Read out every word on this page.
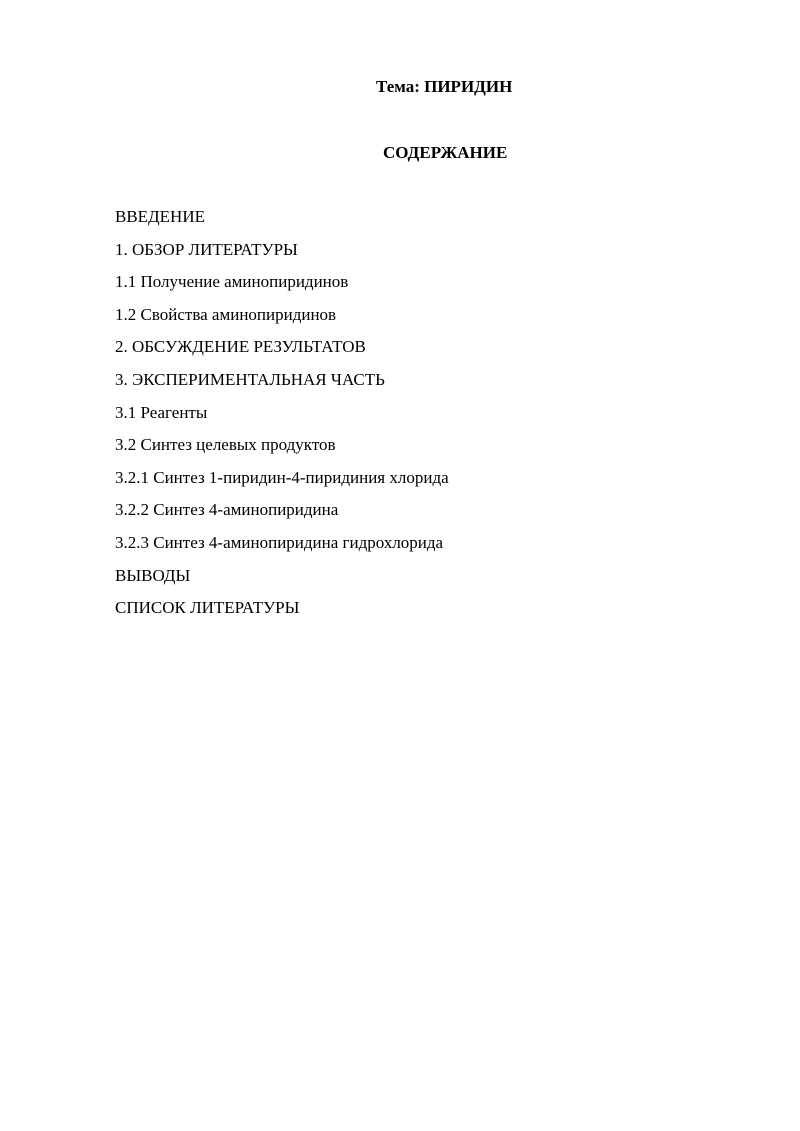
Тема: ПИРИДИН
СОДЕРЖАНИЕ
ВВЕДЕНИЕ
1. ОБЗОР ЛИТЕРАТУРЫ
1.1 Получение аминопиридинов
1.2 Свойства аминопиридинов
2. ОБСУЖДЕНИЕ РЕЗУЛЬТАТОВ
3. ЭКСПЕРИМЕНТАЛЬНАЯ ЧАСТЬ
3.1 Реагенты
3.2 Синтез целевых продуктов
3.2.1 Синтез 1-пиридин-4-пиридиния хлорида
3.2.2 Синтез 4-аминопиридина
3.2.3 Синтез 4-аминопиридина гидрохлорида
ВЫВОДЫ
СПИСОК ЛИТЕРАТУРЫ
